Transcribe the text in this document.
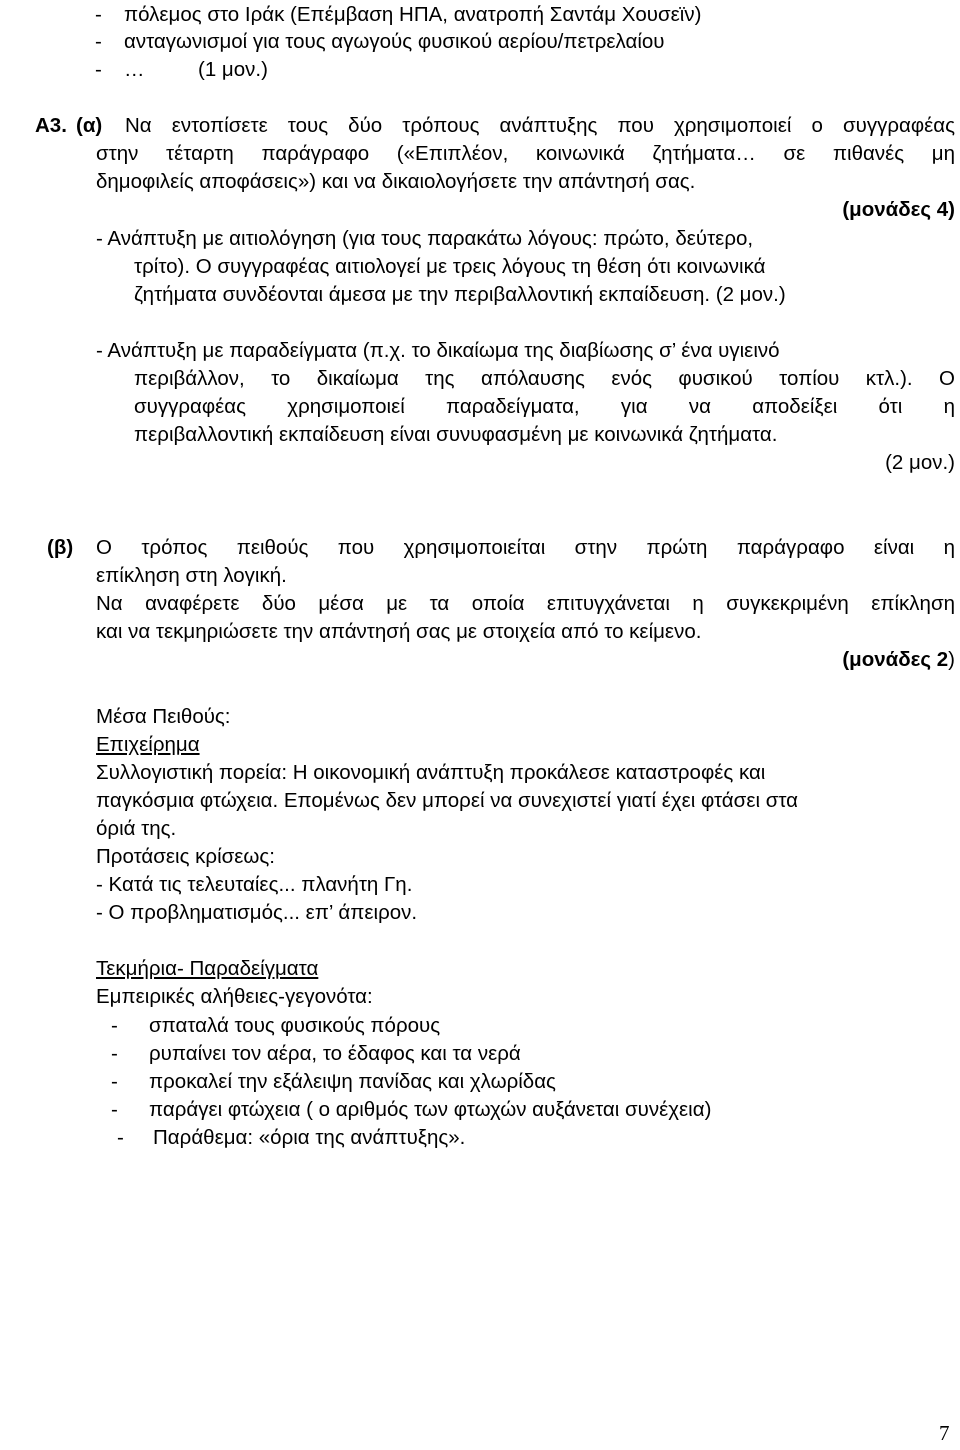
- πόλεμος στο Ιράκ (Επέμβαση ΗΠΑ, ανατροπή Σαντάμ Χουσεϊν)
- ανταγωνισμοί για τους αγωγούς φυσικού αερίου/πετρελαίου
- …	(1 μον.)
Α3. (α) Να εντοπίσετε τους δύο τρόπους ανάπτυξης που χρησιμοποιεί ο συγγραφέας
στην τέταρτη παράγραφο («Επιπλέον, κοινωνικά ζητήματα… σε πιθανές μη
δημοφιλείς αποφάσεις») και να δικαιολογήσετε την απάντησή σας.
(μονάδες 4)
- Ανάπτυξη με αιτιολόγηση (για τους παρακάτω λόγους: πρώτο, δεύτερο,
τρίτο). Ο συγγραφέας αιτιολογεί με τρεις λόγους τη θέση ότι κοινωνικά
ζητήματα συνδέονται άμεσα με την περιβαλλοντική εκπαίδευση. (2 μον.)
- Ανάπτυξη με παραδείγματα (π.χ. το δικαίωμα της διαβίωσης σ’ ένα υγιεινό
περιβάλλον, το δικαίωμα της απόλαυσης ενός φυσικού τοπίου κτλ.). Ο
συγγραφέας χρησιμοποιεί παραδείγματα, για να αποδείξει ότι η
περιβαλλοντική εκπαίδευση είναι συνυφασμένη με κοινωνικά ζητήματα.
(2 μον.)
(β) Ο τρόπος πειθούς που χρησιμοποιείται στην πρώτη παράγραφο είναι η
επίκληση στη λογική.
Να αναφέρετε δύο μέσα με τα οποία επιτυγχάνεται η συγκεκριμένη επίκληση
και να τεκμηριώσετε την απάντησή σας με στοιχεία από το κείμενο.
(μονάδες 2)
Μέσα Πειθούς:
Επιχείρημα
Συλλογιστική πορεία: Η οικονομική ανάπτυξη προκάλεσε καταστροφές και
παγκόσμια φτώχεια. Επομένως δεν μπορεί να συνεχιστεί γιατί έχει φτάσει στα
όριά της.
Προτάσεις κρίσεως:
- Κατά τις τελευταίες... πλανήτη Γη.
- Ο προβληματισμός... επ’ άπειρον.
Τεκμήρια- Παραδείγματα
Εμπειρικές αλήθειες-γεγονότα:
- σπαταλά τους φυσικούς πόρους
- ρυπαίνει τον αέρα, το έδαφος και τα νερά
- προκαλεί την εξάλειψη πανίδας και χλωρίδας
- παράγει φτώχεια ( ο αριθμός των φτωχών αυξάνεται συνέχεια)
- Παράθεμα: «όρια της ανάπτυξης».
7
